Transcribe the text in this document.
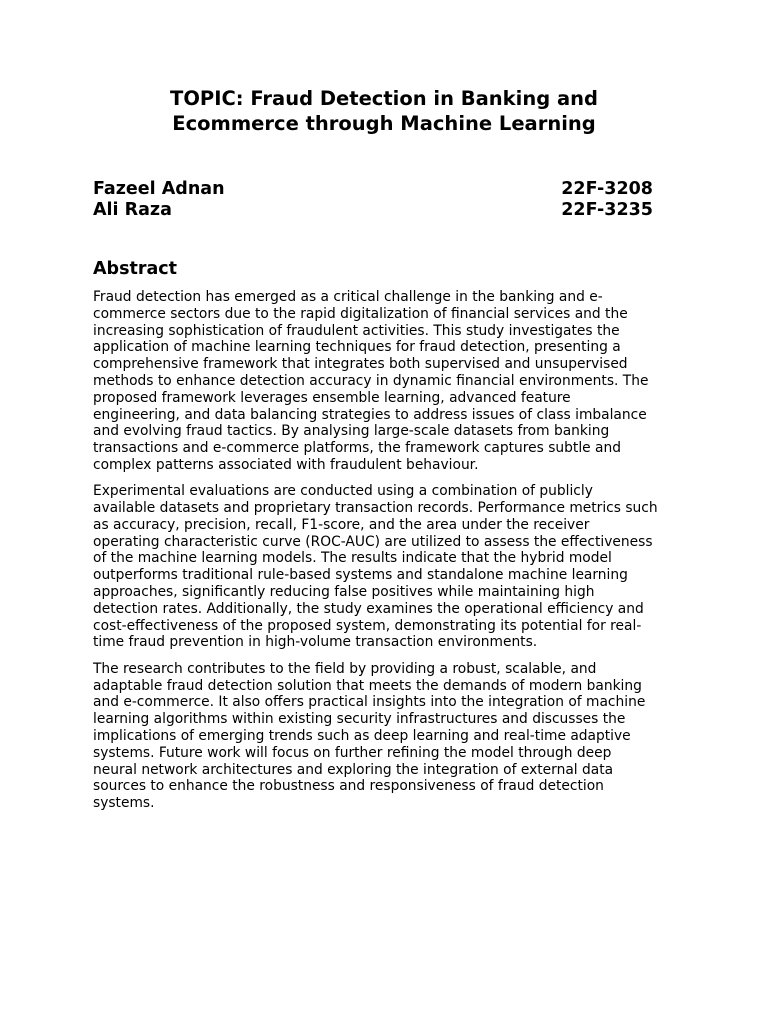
TOPIC: Fraud Detection in Banking and
Ecommerce through Machine Learning
Fazeel Adnan	22F-3208
Ali Raza	22F-3235
Abstract

Fraud detection has emerged as a critical challenge in the banking and e-
commerce sectors due to the rapid digitalization of financial services and the
increasing sophistication of fraudulent activities. This study investigates the
application of machine learning techniques for fraud detection, presenting a
comprehensive framework that integrates both supervised and unsupervised
methods to enhance detection accuracy in dynamic financial environments. The
proposed framework leverages ensemble learning, advanced feature
engineering, and data balancing strategies to address issues of class imbalance
and evolving fraud tactics. By analysing large-scale datasets from banking
transactions and e-commerce platforms, the framework captures subtle and
complex patterns associated with fraudulent behaviour.

Experimental evaluations are conducted using a combination of publicly
available datasets and proprietary transaction records. Performance metrics such
as accuracy, precision, recall, F1-score, and the area under the receiver
operating characteristic curve (ROC-AUC) are utilized to assess the effectiveness
of the machine learning models. The results indicate that the hybrid model
outperforms traditional rule-based systems and standalone machine learning
approaches, significantly reducing false positives while maintaining high
detection rates. Additionally, the study examines the operational efficiency and
cost-effectiveness of the proposed system, demonstrating its potential for real-
time fraud prevention in high-volume transaction environments.

The research contributes to the field by providing a robust, scalable, and
adaptable fraud detection solution that meets the demands of modern banking
and e-commerce. It also offers practical insights into the integration of machine
learning algorithms within existing security infrastructures and discusses the
implications of emerging trends such as deep learning and real-time adaptive
systems. Future work will focus on further refining the model through deep
neural network architectures and exploring the integration of external data
sources to enhance the robustness and responsiveness of fraud detection
systems.
